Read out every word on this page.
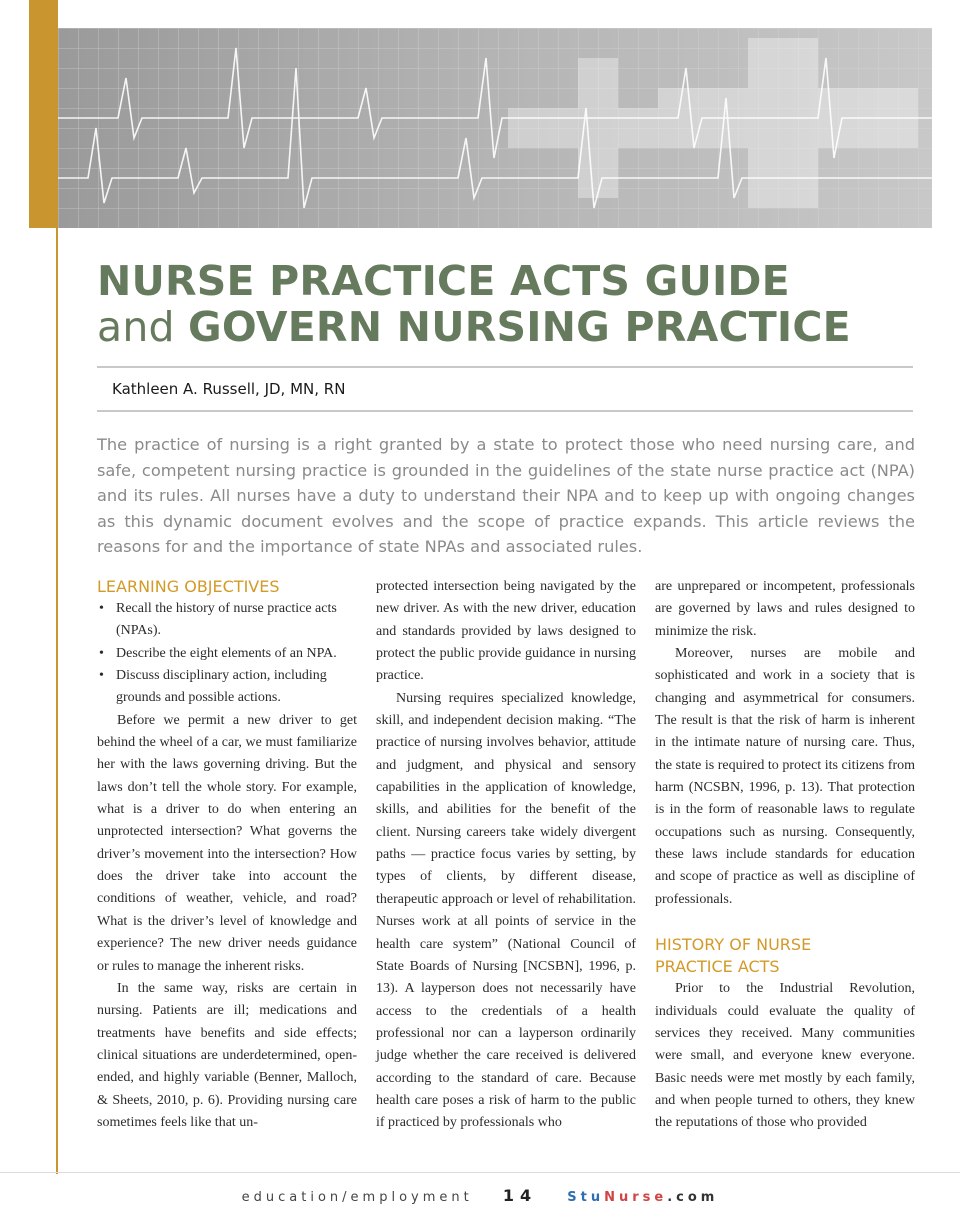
NURSE PRACTICE ACTS GUIDE
and GOVERN NURSING PRACTICE
Kathleen A. Russell, JD, MN, RN
The practice of nursing is a right granted by a state to protect those who need nursing care, and safe, competent nursing practice is grounded in the guidelines of the state nurse practice act (NPA) and its rules. All nurses have a duty to understand their NPA and to keep up with ongoing changes as this dynamic document evolves and the scope of practice expands. This article reviews the reasons for and the importance of state NPAs and associated rules.
LEARNING OBJECTIVES
• Recall the history of nurse practice acts (NPAs).
• Describe the eight elements of an NPA.
• Discuss disciplinary action, including grounds and possible actions.

Before we permit a new driver to get behind the wheel of a car, we must familiarize her with the laws governing driving. But the laws don’t tell the whole story. For example, what is a driver to do when entering an unprotected intersection? What governs the driver’s movement into the intersection? How does the driver take into account the conditions of weather, vehicle, and road? What is the driver’s level of knowledge and experience? The new driver needs guidance or rules to manage the inherent risks.

In the same way, risks are certain in nursing. Patients are ill; medications and treatments have benefits and side effects; clinical situations are underdetermined, open-ended, and highly variable (Benner, Malloch, & Sheets, 2010, p. 6). Providing nursing care sometimes feels like that un-

protected intersection being navigated by the new driver. As with the new driver, education and standards provided by laws designed to protect the public provide guidance in nursing practice.

Nursing requires specialized knowledge, skill, and independent decision making. “The practice of nursing involves behavior, attitude and judgment, and physical and sensory capabilities in the application of knowledge, skills, and abilities for the benefit of the client. Nursing careers take widely divergent paths — practice focus varies by setting, by types of clients, by different disease, therapeutic approach or level of rehabilitation. Nurses work at all points of service in the health care system” (National Council of State Boards of Nursing [NCSBN], 1996, p. 13). A layperson does not necessarily have access to the credentials of a health professional nor can a layperson ordinarily judge whether the care received is delivered according to the standard of care. Because health care poses a risk of harm to the public if practiced by professionals who

are unprepared or incompetent, professionals are governed by laws and rules designed to minimize the risk.

Moreover, nurses are mobile and sophisticated and work in a society that is changing and asymmetrical for consumers. The result is that the risk of harm is inherent in the intimate nature of nursing care. Thus, the state is required to protect its citizens from harm (NCSBN, 1996, p. 13). That protection is in the form of reasonable laws to regulate occupations such as nursing. Consequently, these laws include standards for education and scope of practice as well as discipline of professionals.

HISTORY OF NURSE
PRACTICE ACTS

Prior to the Industrial Revolution, individuals could evaluate the quality of services they received. Many communities were small, and everyone knew everyone. Basic needs were met mostly by each family, and when people turned to others, they knew the reputations of those who provided

education/employment 14 StuNurse.com
